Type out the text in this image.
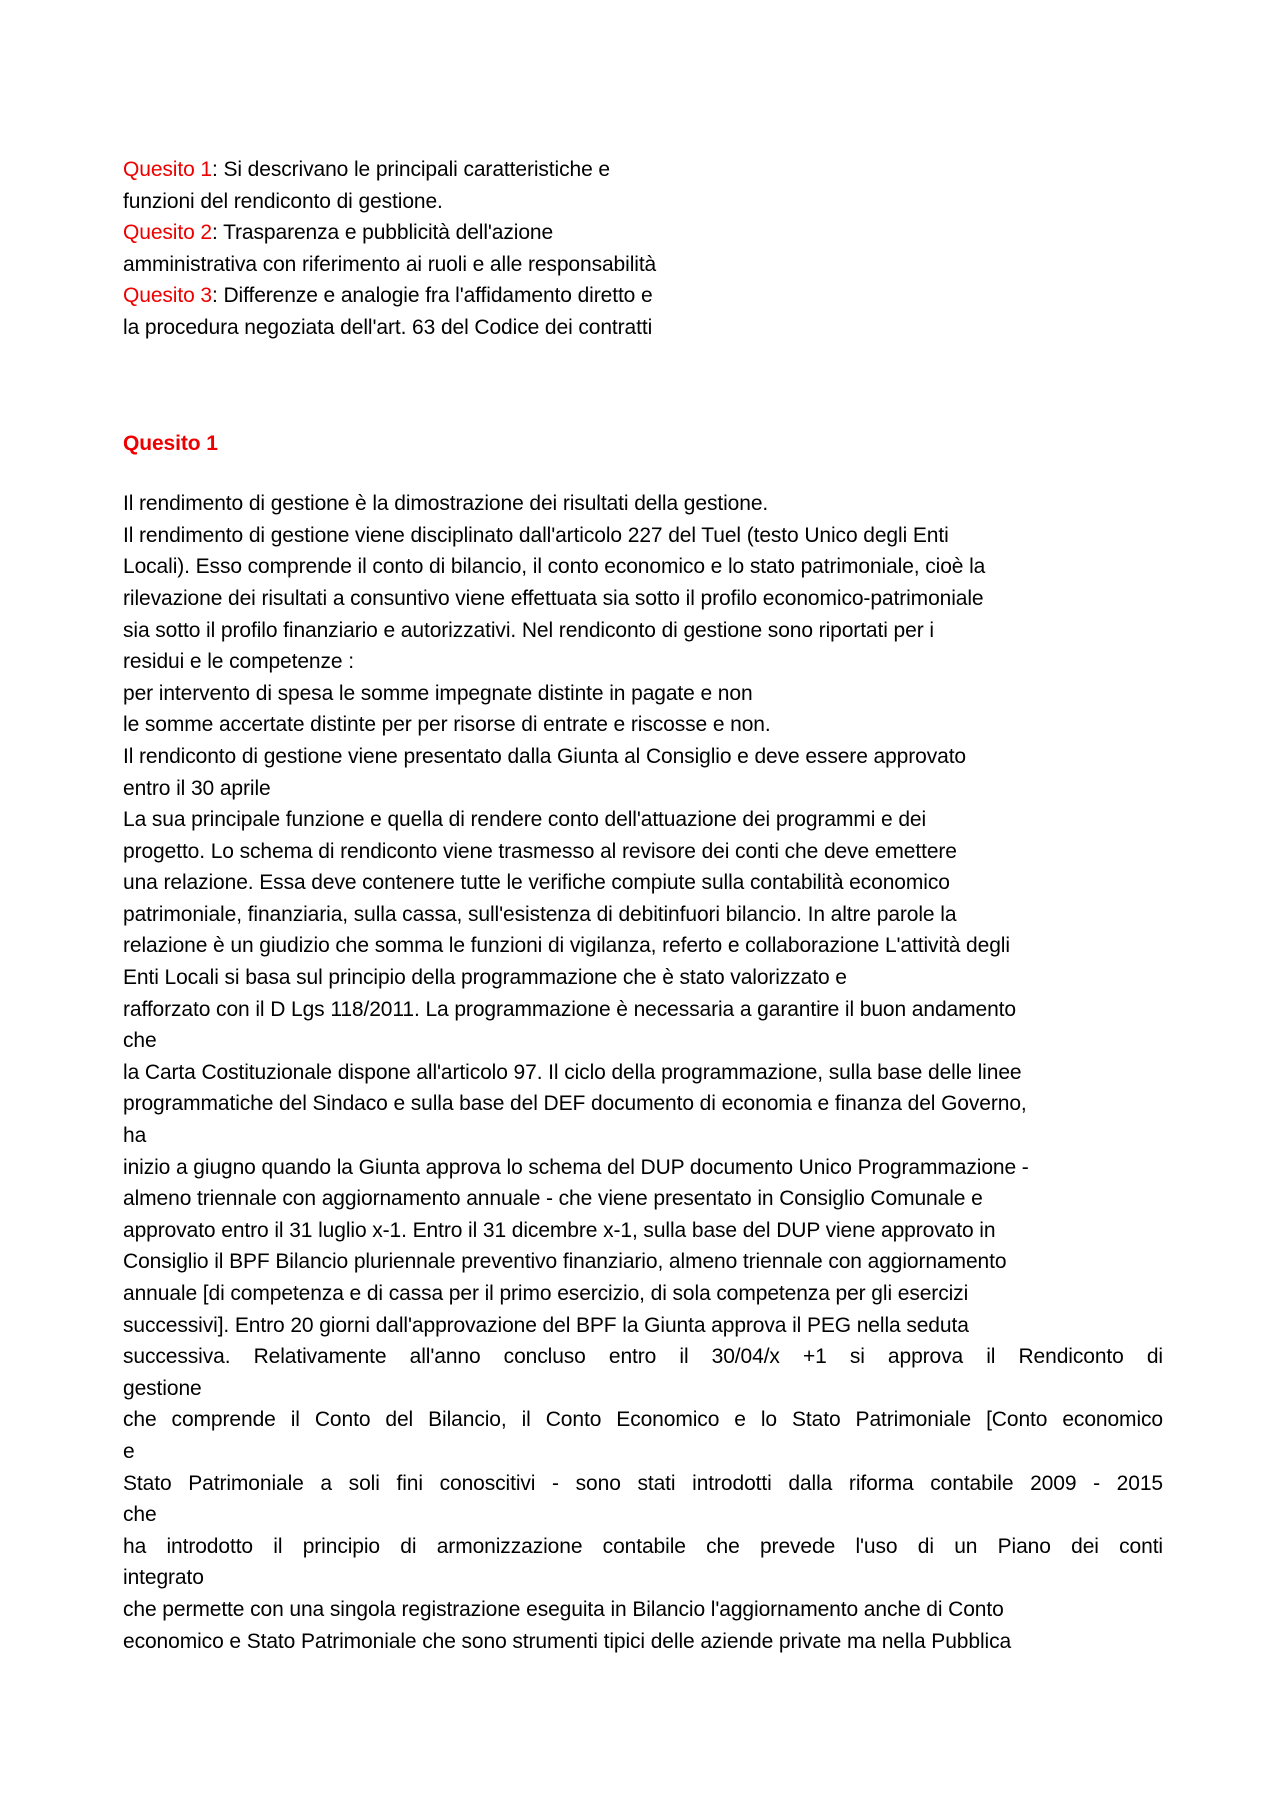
Quesito 1: Si descrivano le principali caratteristiche e
funzioni del rendiconto di gestione.
Quesito 2: Trasparenza e pubblicità dell'azione
amministrativa con riferimento ai ruoli e alle responsabilità
Quesito 3: Differenze e analogie fra l'affidamento diretto e
la procedura negoziata dell'art. 63 del Codice dei contratti
Quesito 1
Il rendimento di gestione è la dimostrazione dei risultati della gestione.
Il rendimento di gestione viene disciplinato dall'articolo 227 del Tuel (testo Unico degli Enti
Locali). Esso comprende il conto di bilancio, il conto economico e lo stato patrimoniale, cioè la
rilevazione dei risultati a consuntivo viene effettuata sia sotto il profilo economico-patrimoniale
sia sotto il profilo finanziario e autorizzativi. Nel rendiconto di gestione sono riportati per i
residui e le competenze :
per intervento di spesa le somme impegnate distinte in pagate e non
le somme accertate distinte per per risorse di entrate e riscosse e non.
Il rendiconto di gestione viene presentato dalla Giunta al Consiglio e deve essere approvato
entro il 30 aprile
La sua principale funzione e quella di rendere conto dell'attuazione dei programmi e dei
progetto. Lo schema di rendiconto viene trasmesso al revisore dei conti che deve emettere
una relazione. Essa deve contenere tutte le verifiche compiute sulla contabilità economico
patrimoniale, finanziaria, sulla cassa, sull'esistenza di debitinfuori bilancio. In altre parole la
relazione è un giudizio che somma le funzioni di vigilanza, referto e collaborazione L'attività degli
Enti Locali si basa sul principio della programmazione che è stato valorizzato e
rafforzato con il D Lgs 118/2011. La programmazione è necessaria a garantire il buon andamento
che
la Carta Costituzionale dispone all'articolo 97. Il ciclo della programmazione, sulla base delle linee
programmatiche del Sindaco e sulla base del DEF documento di economia e finanza del Governo,
ha
inizio a giugno quando la Giunta approva lo schema del DUP documento Unico Programmazione -
almeno triennale con aggiornamento annuale - che viene presentato in Consiglio Comunale e
approvato entro il 31 luglio x-1. Entro il 31 dicembre x-1, sulla base del DUP viene approvato in
Consiglio il BPF Bilancio pluriennale preventivo finanziario, almeno triennale con aggiornamento
annuale [di competenza e di cassa per il primo esercizio, di sola competenza per gli esercizi
successivi]. Entro 20 giorni dall'approvazione del BPF la Giunta approva il PEG nella seduta
successiva. Relativamente all'anno concluso entro il 30/04/x +1 si approva il Rendiconto di
gestione
che comprende il Conto del Bilancio, il Conto Economico e lo Stato Patrimoniale [Conto economico
e
Stato Patrimoniale a soli fini conoscitivi - sono stati introdotti dalla riforma contabile 2009 - 2015
che
ha introdotto il principio di armonizzazione contabile che prevede l'uso di un Piano dei conti
integrato
che permette con una singola registrazione eseguita in Bilancio l'aggiornamento anche di Conto
economico e Stato Patrimoniale che sono strumenti tipici delle aziende private ma nella Pubblica
